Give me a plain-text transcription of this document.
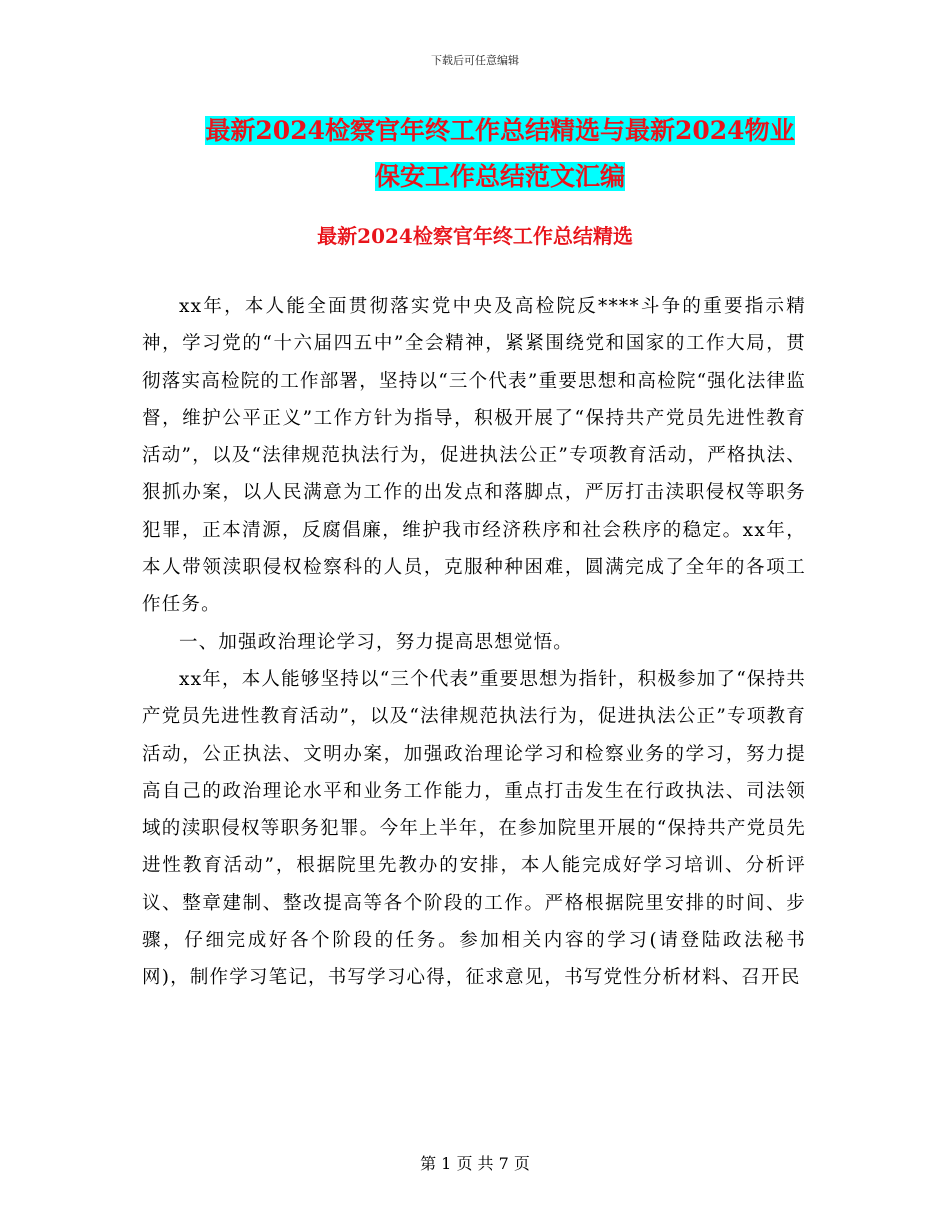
下载后可任意编辑
最新2024检察官年终工作总结精选与最新2024物业
保安工作总结范文汇编
最新2024检察官年终工作总结精选

xx年，本人能全面贯彻落实党中央及高检院反****斗争的重要指示精神，学习党的“十六届四五中”全会精神，紧紧围绕党和国家的工作大局，贯彻落实高检院的工作部署，坚持以“三个代表”重要思想和高检院“强化法律监督，维护公平正义”工作方针为指导，积极开展了“保持共产党员先进性教育活动”，以及“法律规范执法行为，促进执法公正”专项教育活动，严格执法、狠抓办案，以人民满意为工作的出发点和落脚点，严厉打击渎职侵权等职务犯罪，正本清源，反腐倡廉，维护我市经济秩序和社会秩序的稳定。xx年，本人带领渎职侵权检察科的人员，克服种种困难，圆满完成了全年的各项工作任务。

一、加强政治理论学习，努力提高思想觉悟。

xx年，本人能够坚持以“三个代表”重要思想为指针，积极参加了“保持共产党员先进性教育活动”，以及“法律规范执法行为，促进执法公正”专项教育活动，公正执法、文明办案，加强政治理论学习和检察业务的学习，努力提高自己的政治理论水平和业务工作能力，重点打击发生在行政执法、司法领域的渎职侵权等职务犯罪。今年上半年，在参加院里开展的“保持共产党员先进性教育活动”，根据院里先教办的安排，本人能完成好学习培训、分析评议、整章建制、整改提高等各个阶段的工作。严格根据院里安排的时间、步骤，仔细完成好各个阶段的任务。参加相关内容的学习(请登陆政法秘书网)，制作学习笔记，书写学习心得，征求意见，书写党性分析材料、召开民

第 1 页 共 7 页
